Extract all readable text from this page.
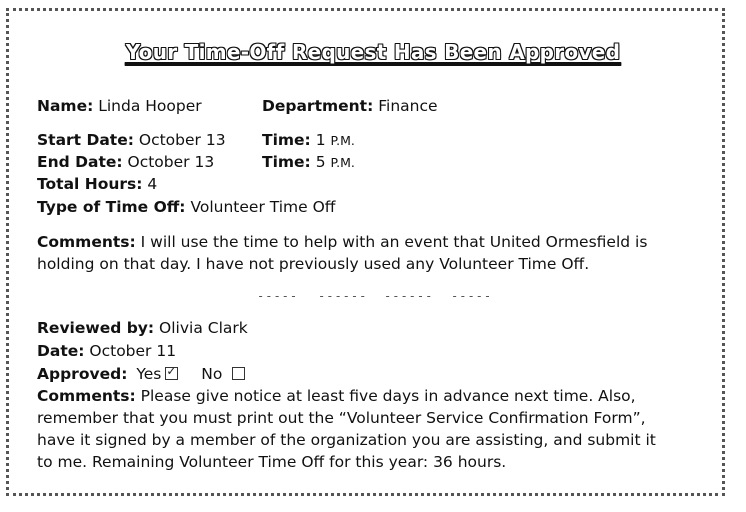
Your Time-Off Request Has Been Approved
Name: Linda Hooper	Department: Finance
Start Date: October 13 Time: 1 P.M.
End Date: October 13	Time: 5 P.M.
Total Hours: 4
Type of Time Off: Volunteer Time Off
Comments: I will use the time to help with an event that United Ormesfield is
holding on that day. I have not previously used any Volunteer Time Off.
----- ------ ------ -----
Reviewed by: Olivia Clark
Date: October 11
Approved: Yes✓	No
Comments: Please give notice at least five days in advance next time. Also,
remember that you must print out the “Volunteer Service Confirmation Form”,
have it signed by a member of the organization you are assisting, and submit it
to me. Remaining Volunteer Time Off for this year: 36 hours.
